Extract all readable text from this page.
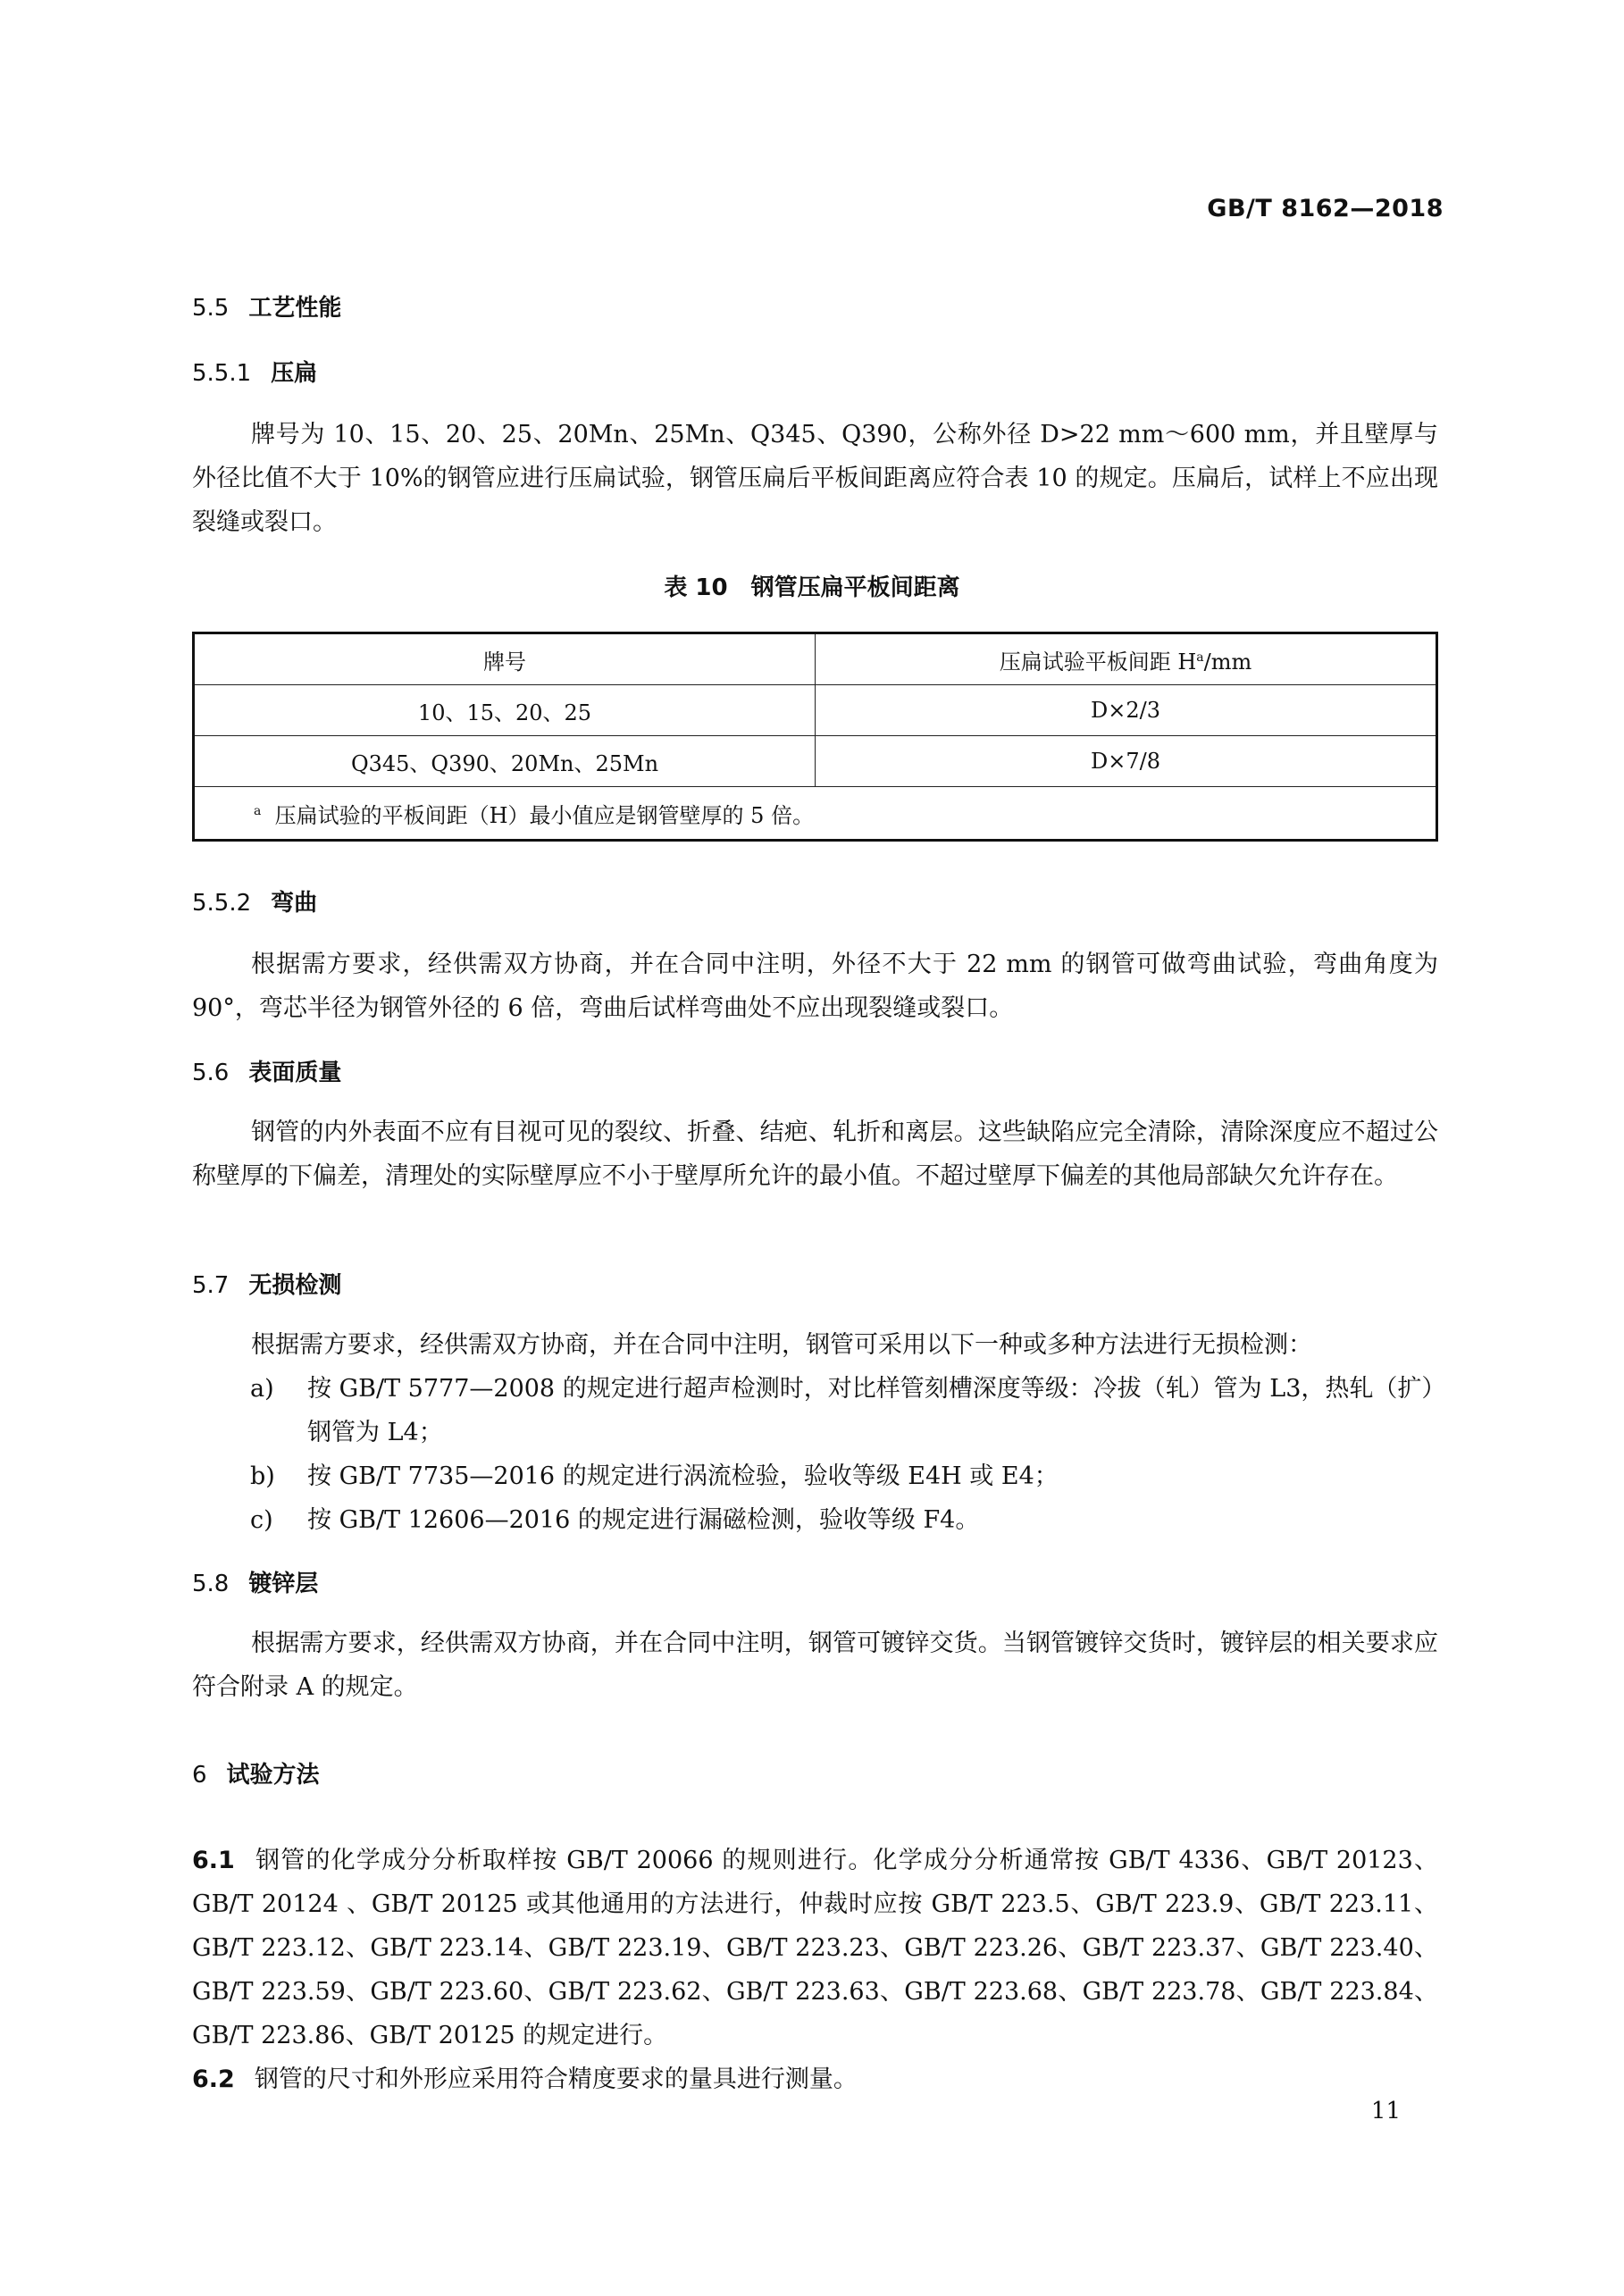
GB/T 8162—2018
5.5 工艺性能
5.5.1 压扁
牌号为 10、15、20、25、20Mn、25Mn、Q345、Q390，公称外径 D>22 mm～600 mm，并且壁厚与外径比值不大于 10%的钢管应进行压扁试验，钢管压扁后平板间距离应符合表 10 的规定。压扁后，试样上不应出现裂缝或裂口。
表 10　钢管压扁平板间距离
牌号	压扁试验平板间距 $H^a/mm$
10、15、20、25	D×2/3
Q345、Q390、20Mn、25Mn	D×7/8
$^a$ 压扁试验的平板间距（H）最小值应是钢管壁厚的 5 倍。	
5.5.2 弯曲
根据需方要求，经供需双方协商，并在合同中注明，外径不大于 22 mm 的钢管可做弯曲试验，弯曲角度为 90°，弯芯半径为钢管外径的 6 倍，弯曲后试样弯曲处不应出现裂缝或裂口。
5.6 表面质量
钢管的内外表面不应有目视可见的裂纹、折叠、结疤、轧折和离层。这些缺陷应完全清除，清除深度应不超过公称壁厚的下偏差，清理处的实际壁厚应不小于壁厚所允许的最小值。不超过壁厚下偏差的其他局部缺欠允许存在。
5.7 无损检测
根据需方要求，经供需双方协商，并在合同中注明，钢管可采用以下一种或多种方法进行无损检测：
a) 按 GB/T 5777—2008 的规定进行超声检测时，对比样管刻槽深度等级：冷拔（轧）管为 L3，热轧（扩）钢管为 L4；
b) 按 GB/T 7735—2016 的规定进行涡流检验，验收等级 E4H 或 E4；
c) 按 GB/T 12606—2016 的规定进行漏磁检测，验收等级 F4。
5.8 镀锌层
根据需方要求，经供需双方协商，并在合同中注明，钢管可镀锌交货。当钢管镀锌交货时，镀锌层的相关要求应符合附录 A 的规定。
6 试验方法
6.1 钢管的化学成分分析取样按 GB/T 20066 的规则进行。化学成分分析通常按 GB/T 4336、GB/T 20123、GB/T 20124 、GB/T 20125 或其他通用的方法进行，仲裁时应按 GB/T 223.5、GB/T 223.9、GB/T 223.11、GB/T 223.12、GB/T 223.14、GB/T 223.19、GB/T 223.23、GB/T 223.26、GB/T 223.37、GB/T 223.40、GB/T 223.59、GB/T 223.60、GB/T 223.62、GB/T 223.63、GB/T 223.68、GB/T 223.78、GB/T 223.84、GB/T 223.86、GB/T 20125 的规定进行。
6.2 钢管的尺寸和外形应采用符合精度要求的量具进行测量。
11
